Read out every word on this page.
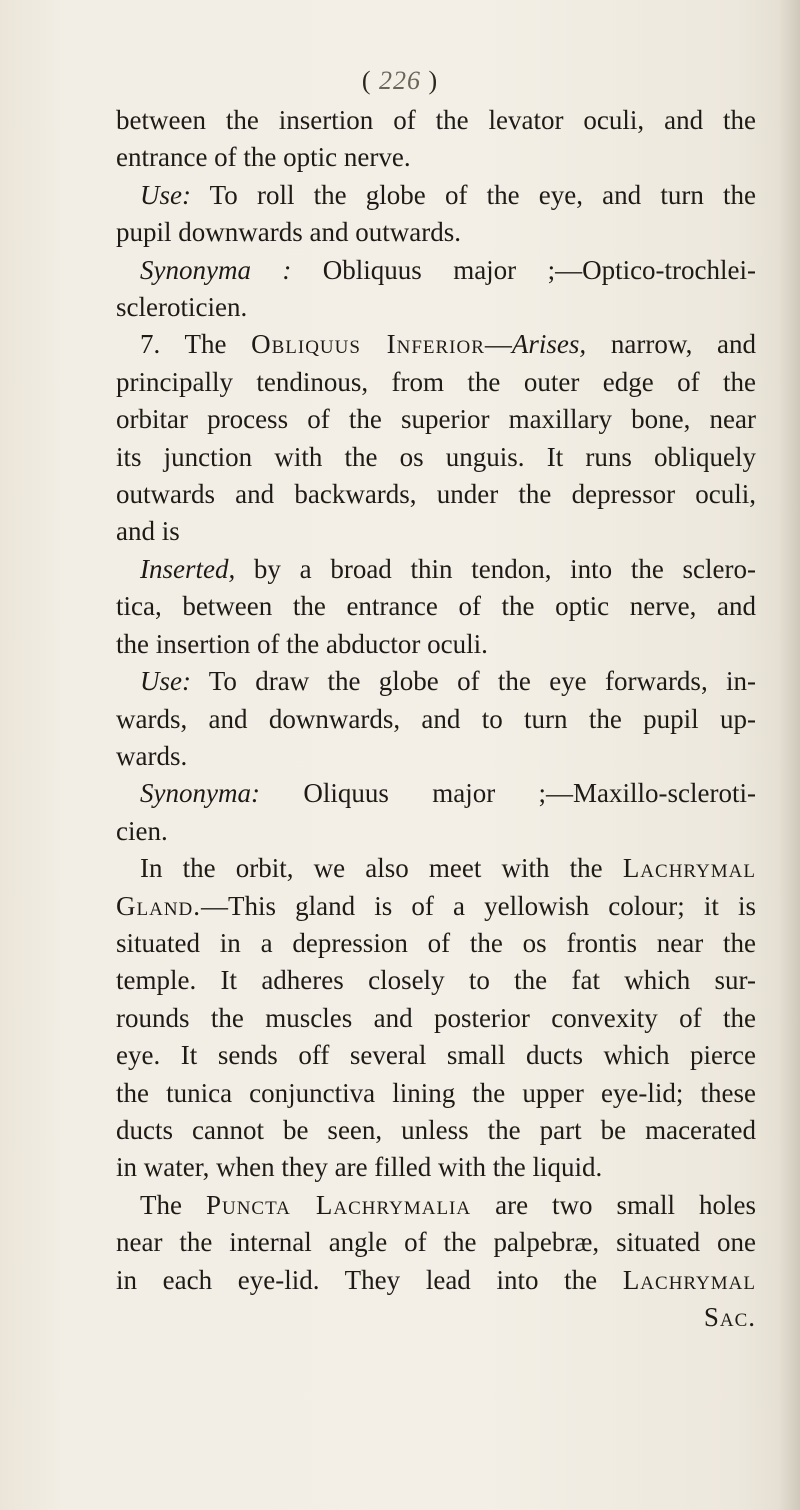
( 226 )
between the insertion of the levator oculi, and the
entrance of the optic nerve.
Use: To roll the globe of the eye, and turn the
pupil downwards and outwards.
Synonyma : Obliquus major ;—Optico-trochlei-
scleroticien.
7. The Obliquus Inferior—Arises, narrow, and
principally tendinous, from the outer edge of the
orbitar process of the superior maxillary bone, near
its junction with the os unguis. It runs obliquely
outwards and backwards, under the depressor oculi,
and is
Inserted, by a broad thin tendon, into the sclero-
tica, between the entrance of the optic nerve, and
the insertion of the abductor oculi.
Use: To draw the globe of the eye forwards, in-
wards, and downwards, and to turn the pupil up-
wards.
Synonyma: Oliquus major ;—Maxillo-scleroti-
cien.
In the orbit, we also meet with the Lachrymal
Gland.—This gland is of a yellowish colour; it is
situated in a depression of the os frontis near the
temple. It adheres closely to the fat which sur-
rounds the muscles and posterior convexity of the
eye. It sends off several small ducts which pierce
the tunica conjunctiva lining the upper eye-lid; these
ducts cannot be seen, unless the part be macerated
in water, when they are filled with the liquid.
The Puncta Lachrymalia are two small holes
near the internal angle of the palpebræ, situated one
in each eye-lid. They lead into the Lachrymal
Sac.
